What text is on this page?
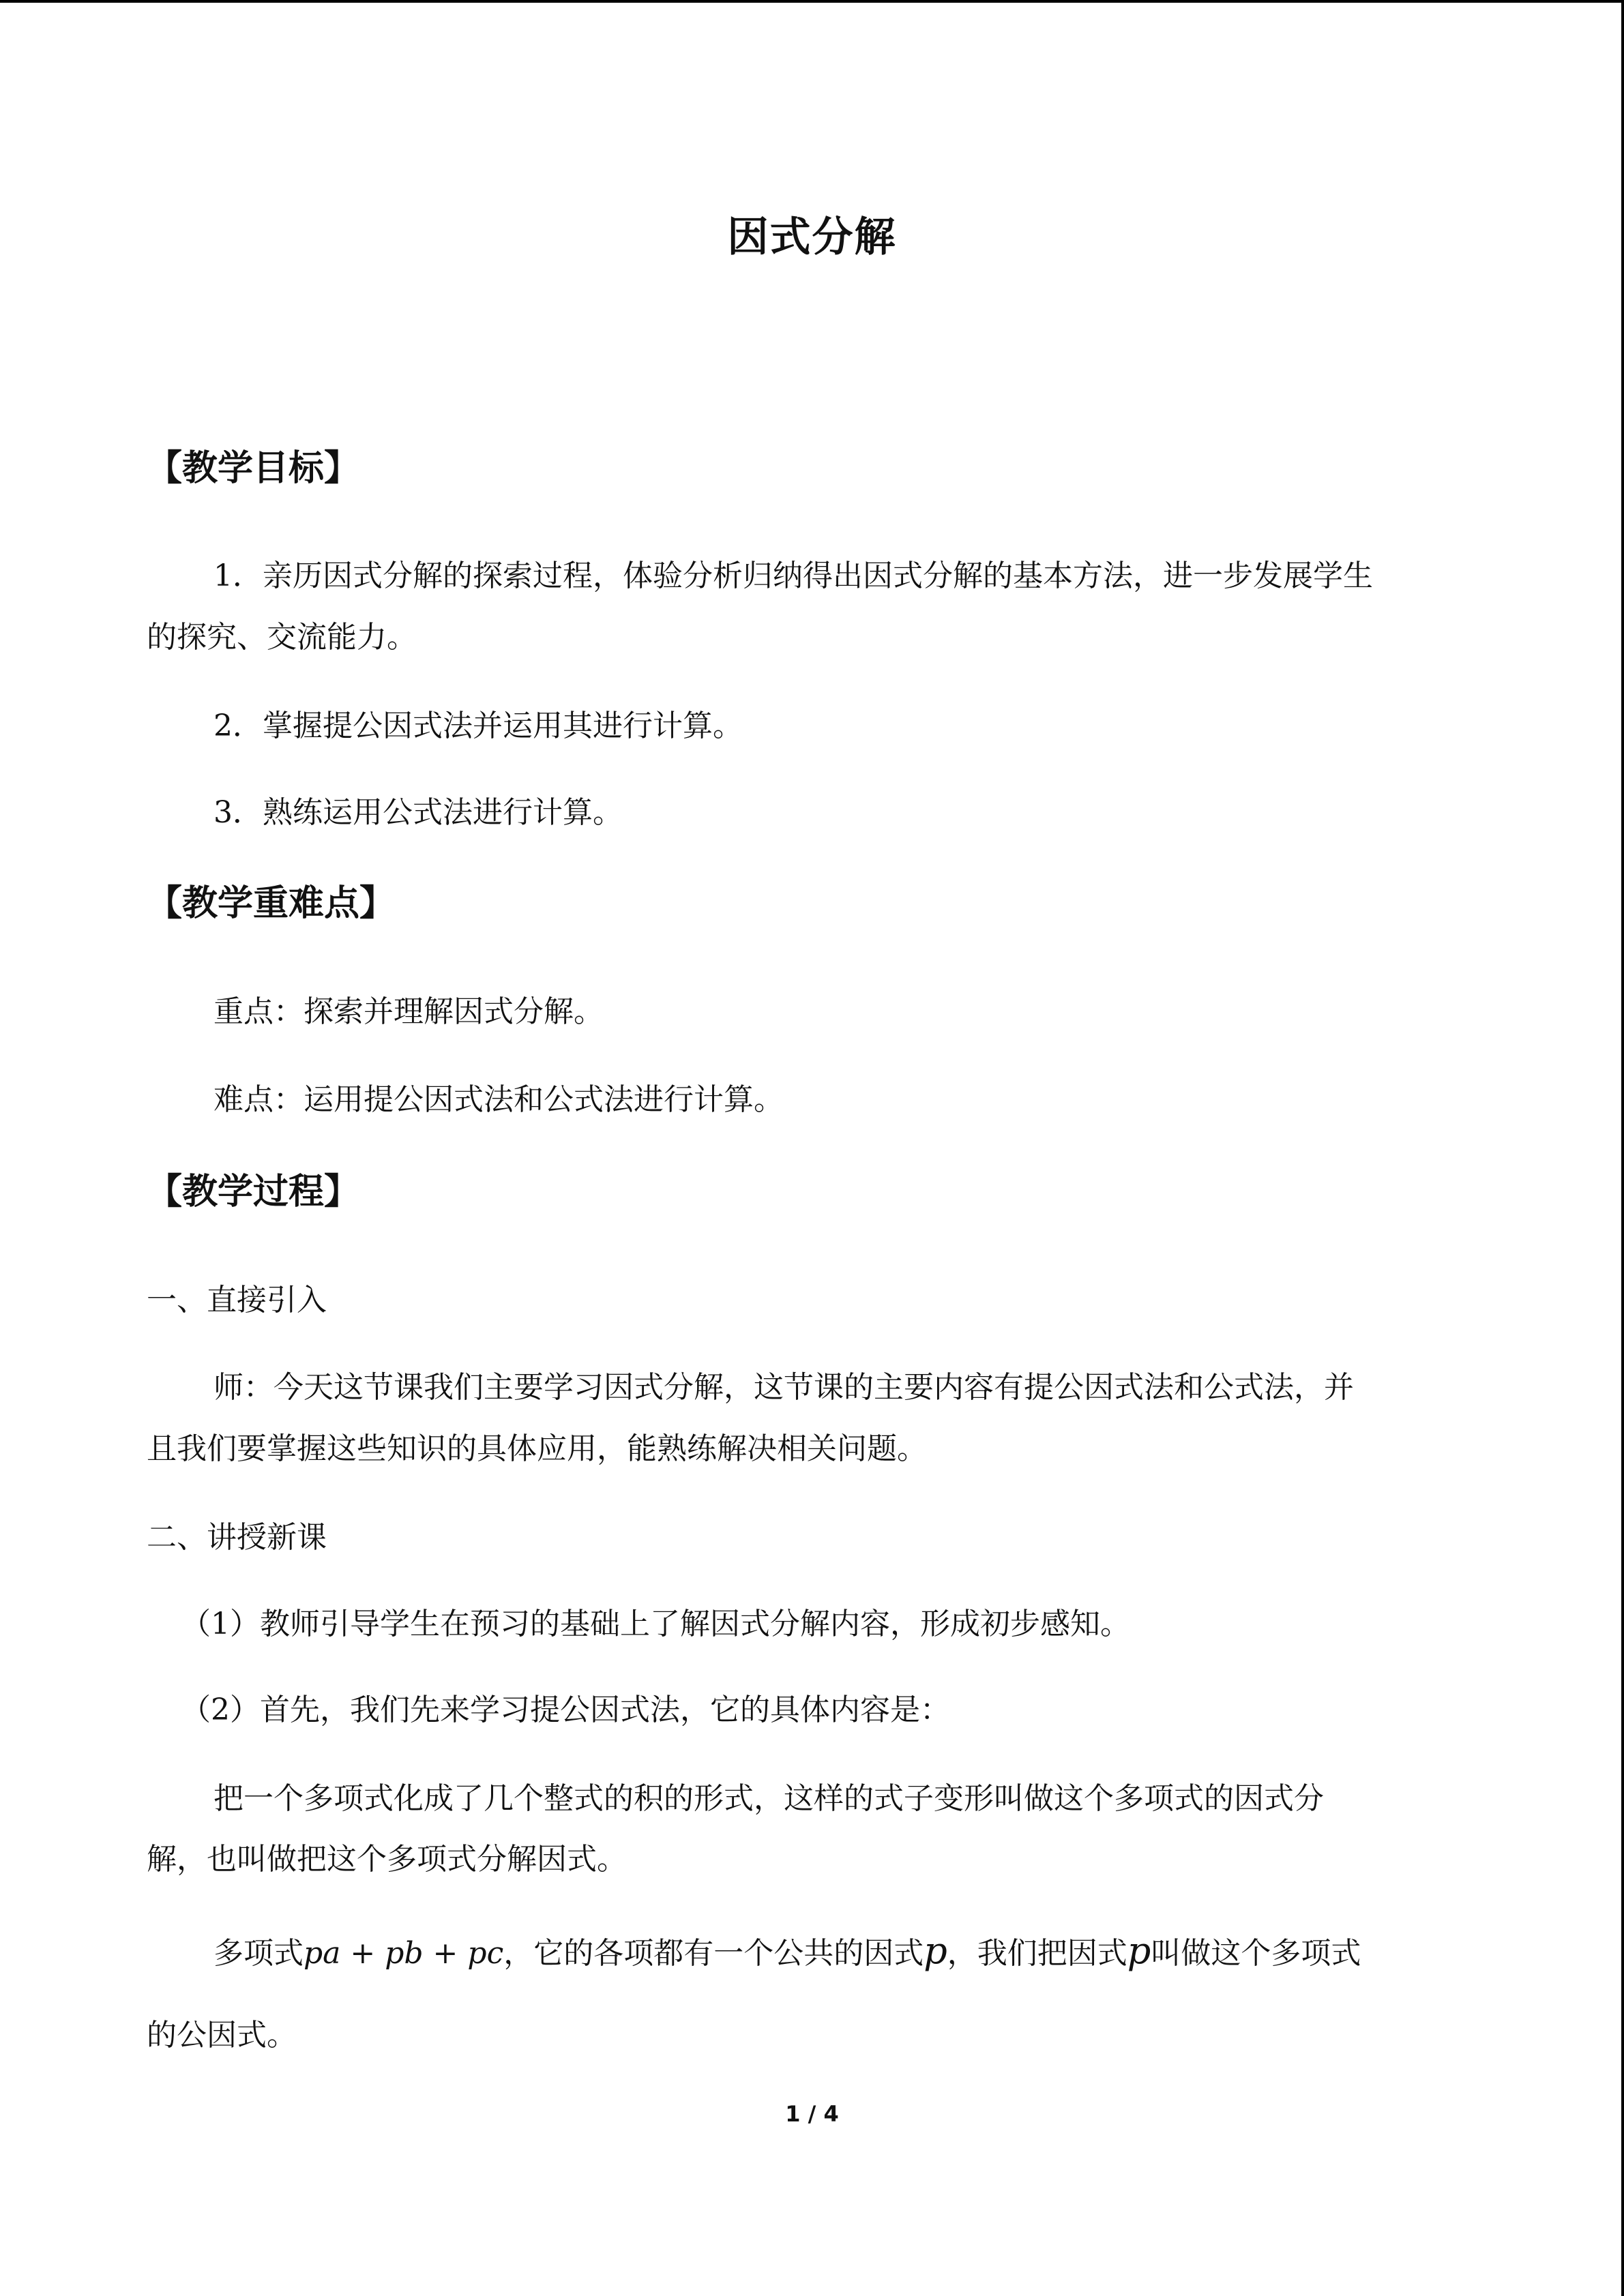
因式分解
【教学目标】

1．亲历因式分解的探索过程，体验分析归纳得出因式分解的基本方法，进一步发展学生

的探究、交流能力。

2．掌握提公因式法并运用其进行计算。

3．熟练运用公式法进行计算。

【教学重难点】

重点：探索并理解因式分解。

难点：运用提公因式法和公式法进行计算。

【教学过程】

一、直接引入

师：今天这节课我们主要学习因式分解，这节课的主要内容有提公因式法和公式法，并

且我们要掌握这些知识的具体应用，能熟练解决相关问题。

二、讲授新课

（1）教师引导学生在预习的基础上了解因式分解内容，形成初步感知。

（2）首先，我们先来学习提公因式法，它的具体内容是：

把一个多项式化成了几个整式的积的形式，这样的式子变形叫做这个多项式的因式分

解，也叫做把这个多项式分解因式。

多项式pa + pb + pc，它的各项都有一个公共的因式p，我们把因式p叫做这个多项式

的公因式。

1 / 4
